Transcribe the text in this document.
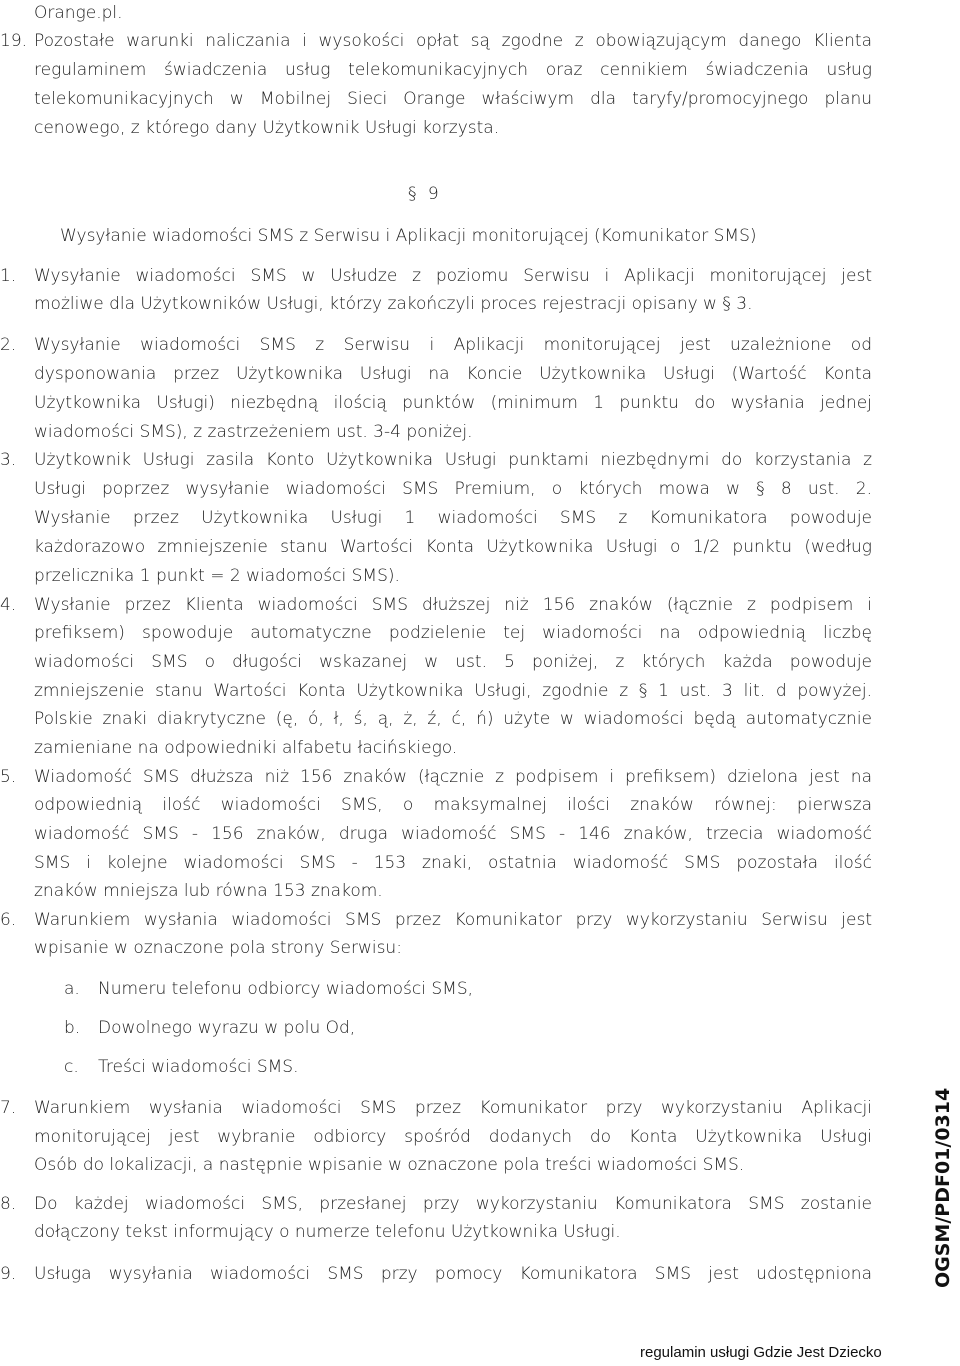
Orange.pl.
19. Pozostałe warunki naliczania i wysokości opłat są zgodne z obowiązującym danego Klienta
regulaminem świadczenia usług telekomunikacyjnych oraz cennikiem świadczenia usług
telekomunikacyjnych w Mobilnej Sieci Orange właściwym dla taryfy/promocyjnego planu
cenowego, z którego dany Użytkownik Usługi korzysta.
§ 9
Wysyłanie wiadomości SMS z Serwisu i Aplikacji monitorującej (Komunikator SMS)
1. Wysyłanie wiadomości SMS w Usłudze z poziomu Serwisu i Aplikacji monitorującej jest
możliwe dla Użytkowników Usługi, którzy zakończyli proces rejestracji opisany w § 3.
2. Wysyłanie wiadomości SMS z Serwisu i Aplikacji monitorującej jest uzależnione od
dysponowania przez Użytkownika Usługi na Koncie Użytkownika Usługi (Wartość Konta
Użytkownika Usługi) niezbędną ilością punktów (minimum 1 punktu do wysłania jednej
wiadomości SMS), z zastrzeżeniem ust. 3-4 poniżej.
3. Użytkownik Usługi zasila Konto Użytkownika Usługi punktami niezbędnymi do korzystania z
Usługi poprzez wysyłanie wiadomości SMS Premium, o których mowa w § 8 ust. 2.
Wysłanie przez Użytkownika Usługi 1 wiadomości SMS z Komunikatora powoduje
każdorazowo zmniejszenie stanu Wartości Konta Użytkownika Usługi o 1/2 punktu (według
przelicznika 1 punkt = 2 wiadomości SMS).
4. Wysłanie przez Klienta wiadomości SMS dłuższej niż 156 znaków (łącznie z podpisem i
prefiksem) spowoduje automatyczne podzielenie tej wiadomości na odpowiednią liczbę
wiadomości SMS o długości wskazanej w ust. 5 poniżej, z których każda powoduje
zmniejszenie stanu Wartości Konta Użytkownika Usługi, zgodnie z § 1 ust. 3 lit. d powyżej.
Polskie znaki diakrytyczne (ę, ó, ł, ś, ą, ż, ź, ć, ń) użyte w wiadomości będą automatycznie
zamieniane na odpowiedniki alfabetu łacińskiego.
5. Wiadomość SMS dłuższa niż 156 znaków (łącznie z podpisem i prefiksem) dzielona jest na
odpowiednią ilość wiadomości SMS, o maksymalnej ilości znaków równej: pierwsza
wiadomość SMS - 156 znaków, druga wiadomość SMS - 146 znaków, trzecia wiadomość
SMS i kolejne wiadomości SMS - 153 znaki, ostatnia wiadomość SMS pozostała ilość
znaków mniejsza lub równa 153 znakom.
6. Warunkiem wysłania wiadomości SMS przez Komunikator przy wykorzystaniu Serwisu jest
wpisanie w oznaczone pola strony Serwisu:
a. Numeru telefonu odbiorcy wiadomości SMS,
b. Dowolnego wyrazu w polu Od,
c. Treści wiadomości SMS.
7. Warunkiem wysłania wiadomości SMS przez Komunikator przy wykorzystaniu Aplikacji
monitorującej jest wybranie odbiorcy spośród dodanych do Konta Użytkownika Usługi
Osób do lokalizacji, a następnie wpisanie w oznaczone pola treści wiadomości SMS.
8. Do każdej wiadomości SMS, przesłanej przy wykorzystaniu Komunikatora SMS zostanie
dołączony tekst informujący o numerze telefonu Użytkownika Usługi.
9. Usługa wysyłania wiadomości SMS przy pomocy Komunikatora SMS jest udostępniona	OGSM/PDF01/0314
regulamin usługi Gdzie Jest Dziecko
